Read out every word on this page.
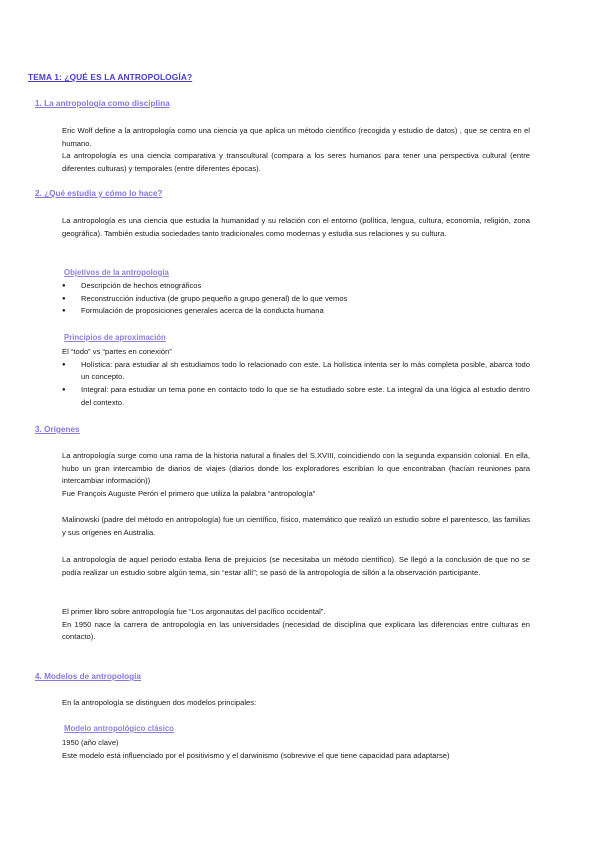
TEMA 1: ¿QUÉ ES LA ANTROPOLOGÍA?
1. La antropología como disciplina

Eric Wolf define a la antropología como una ciencia ya que aplica un método científico (recogida y estudio de datos) , que se centra en el humano.

La antropología es una ciencia comparativa y transcultural (compara a los seres humanos para tener una perspectiva cultural (entre diferentes culturas) y temporales (entre diferentes épocas).

2. ¿Qué estudia y cómo lo hace?

La antropología es una ciencia que estudia la humanidad y su relación con el entorno (política, lengua, cultura, economía, religión, zona geográfica). También estudia sociedades tanto tradicionales como modernas y estudia sus relaciones y su cultura.

Objetivos de la antropología
● Descripción de hechos etnográficos
● Reconstrucción inductiva (de grupo pequeño a grupo general) de lo que vemos
● Formulación de proposiciones generales acerca de la conducta humana
Principios de aproximación

El “todo” vs “partes en conexión”

● Holística: para estudiar al sh estudiamos todo lo relacionado con este. La holística intenta ser lo más completa posible, abarca todo un concepto.
● Integral: para estudiar un tema pone en contacto todo lo que se ha estudiado sobre este. La integral da una lógica al estudio dentro del contexto.
3. Orígenes

La antropología surge como una rama de la historia natural a finales del S.XVIII, coincidiendo con la segunda expansión colonial. En ella, hubo un gran intercambio de diarios de viajes (diarios donde los exploradores escribían lo que encontraban (hacían reuniones para intercambiar información))

Fue François Auguste Perón el primero que utiliza la palabra “antropología”

Malinowski (padre del método en antropología) fue un científico, físico, matemático que realizó un estudio sobre el parentesco, las familias y sus orígenes en Australia.

La antropología de aquel periodo estaba llena de prejuicios (se necesitaba un método científico). Se llegó a la conclusión de que no se podía realizar un estudio sobre algún tema, sin “estar allí”; se pasó de la antropología de sillón a la observación participante.

El primer libro sobre antropología fue “Los argonautas del pacífico occidental”.

En 1950 nace la carrera de antropología en las universidades (necesidad de disciplina que explicara las diferencias entre culturas en contacto).

4. Modelos de antropología

En la antropología se distinguen dos modelos principales:

Modelo antropológico clásico

1950 (año clave)

Este modelo está influenciado por el positivismo y el darwinismo (sobrevive el que tiene capacidad para adaptarse)
